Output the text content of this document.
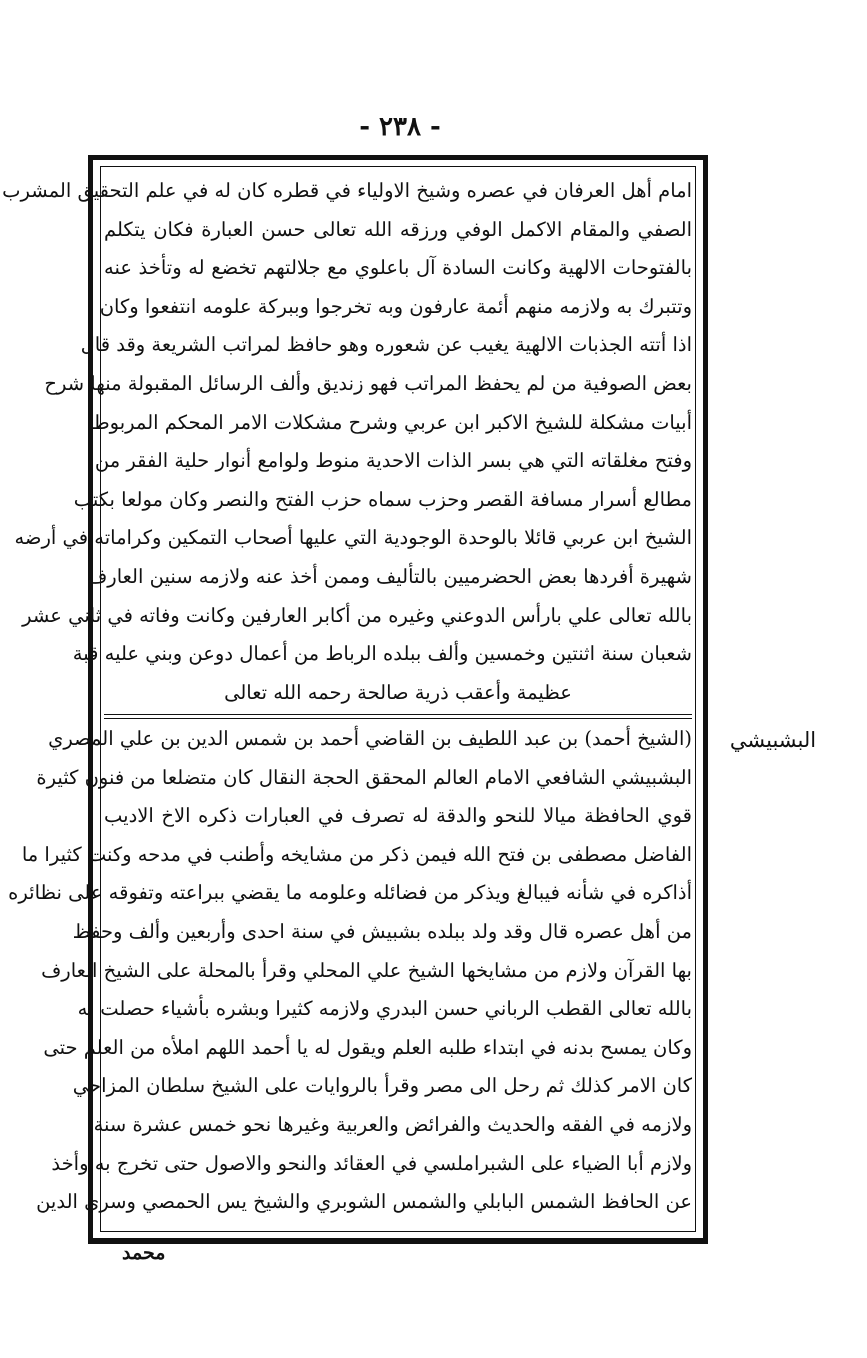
- ٢٣٨ -
امام أهل العرفان في عصره وشيخ الاولياء في قطره كان له في علم التحقيق المشرب
الصفي والمقام الاكمل الوفي ورزقه الله تعالى حسن العبارة فكان يتكلم
بالفتوحات الالهية وكانت السادة آل باعلوي مع جلالتهم تخضع له وتأخذ عنه
وتتبرك به ولازمه منهم أئمة عارفون وبه تخرجوا وببركة علومه انتفعوا وكان
اذا أتته الجذبات الالهية يغيب عن شعوره وهو حافظ لمراتب الشريعة وقد قال
بعض الصوفية من لم يحفظ المراتب فهو زنديق وألف الرسائل المقبولة منها شرح
أبيات مشكلة للشيخ الاكبر ابن عربي وشرح مشكلات الامر المحكم المربوط
وفتح مغلقاته التي هي بسر الذات الاحدية منوط ولوامع أنوار حلية الفقر من
مطالع أسرار مسافة القصر وحزب سماه حزب الفتح والنصر وكان مولعا بكتب
الشيخ ابن عربي قائلا بالوحدة الوجودية التي عليها أصحاب التمكين وكراماته في أرضه
شهيرة أفردها بعض الحضرميين بالتأليف وممن أخذ عنه ولازمه سنين العارف
بالله تعالى علي بارأس الدوعني وغيره من أكابر العارفين وكانت وفاته في ثاني عشر
شعبان سنة اثنتين وخمسين وألف ببلده الرباط من أعمال دوعن وبني عليه قبة
عظيمة وأعقب ذرية صالحة رحمه الله تعالى
البشبيشي
(الشيخ أحمد) بن عبد اللطيف بن القاضي أحمد بن شمس الدين بن علي المصري
البشبيشي الشافعي الامام العالم المحقق الحجة النقال كان متضلعا من فنون كثيرة
قوي الحافظة ميالا للنحو والدقة له تصرف في العبارات ذكره الاخ الاديب
الفاضل مصطفى بن فتح الله فيمن ذكر من مشايخه وأطنب في مدحه وكنت كثيرا ما
أذاكره في شأنه فيبالغ ويذكر من فضائله وعلومه ما يقضي ببراعته وتفوقه على نظائره
من أهل عصره قال وقد ولد ببلده بشبيش في سنة احدى وأربعين وألف وحفظ
بها القرآن ولازم من مشايخها الشيخ علي المحلي وقرأ بالمحلة على الشيخ العارف
بالله تعالى القطب الرباني حسن البدري ولازمه كثيرا وبشره بأشياء حصلت له
وكان يمسح بدنه في ابتداء طلبه العلم ويقول له يا أحمد اللهم املأه من العلم حتى
كان الامر كذلك ثم رحل الى مصر وقرأ بالروايات على الشيخ سلطان المزاحي
ولازمه في الفقه والحديث والفرائض والعربية وغيرها نحو خمس عشرة سنة
ولازم أبا الضياء على الشبراملسي في العقائد والنحو والاصول حتى تخرج به وأخذ
عن الحافظ الشمس البابلي والشمس الشوبري والشيخ يس الحمصي وسري الدين
محمد
